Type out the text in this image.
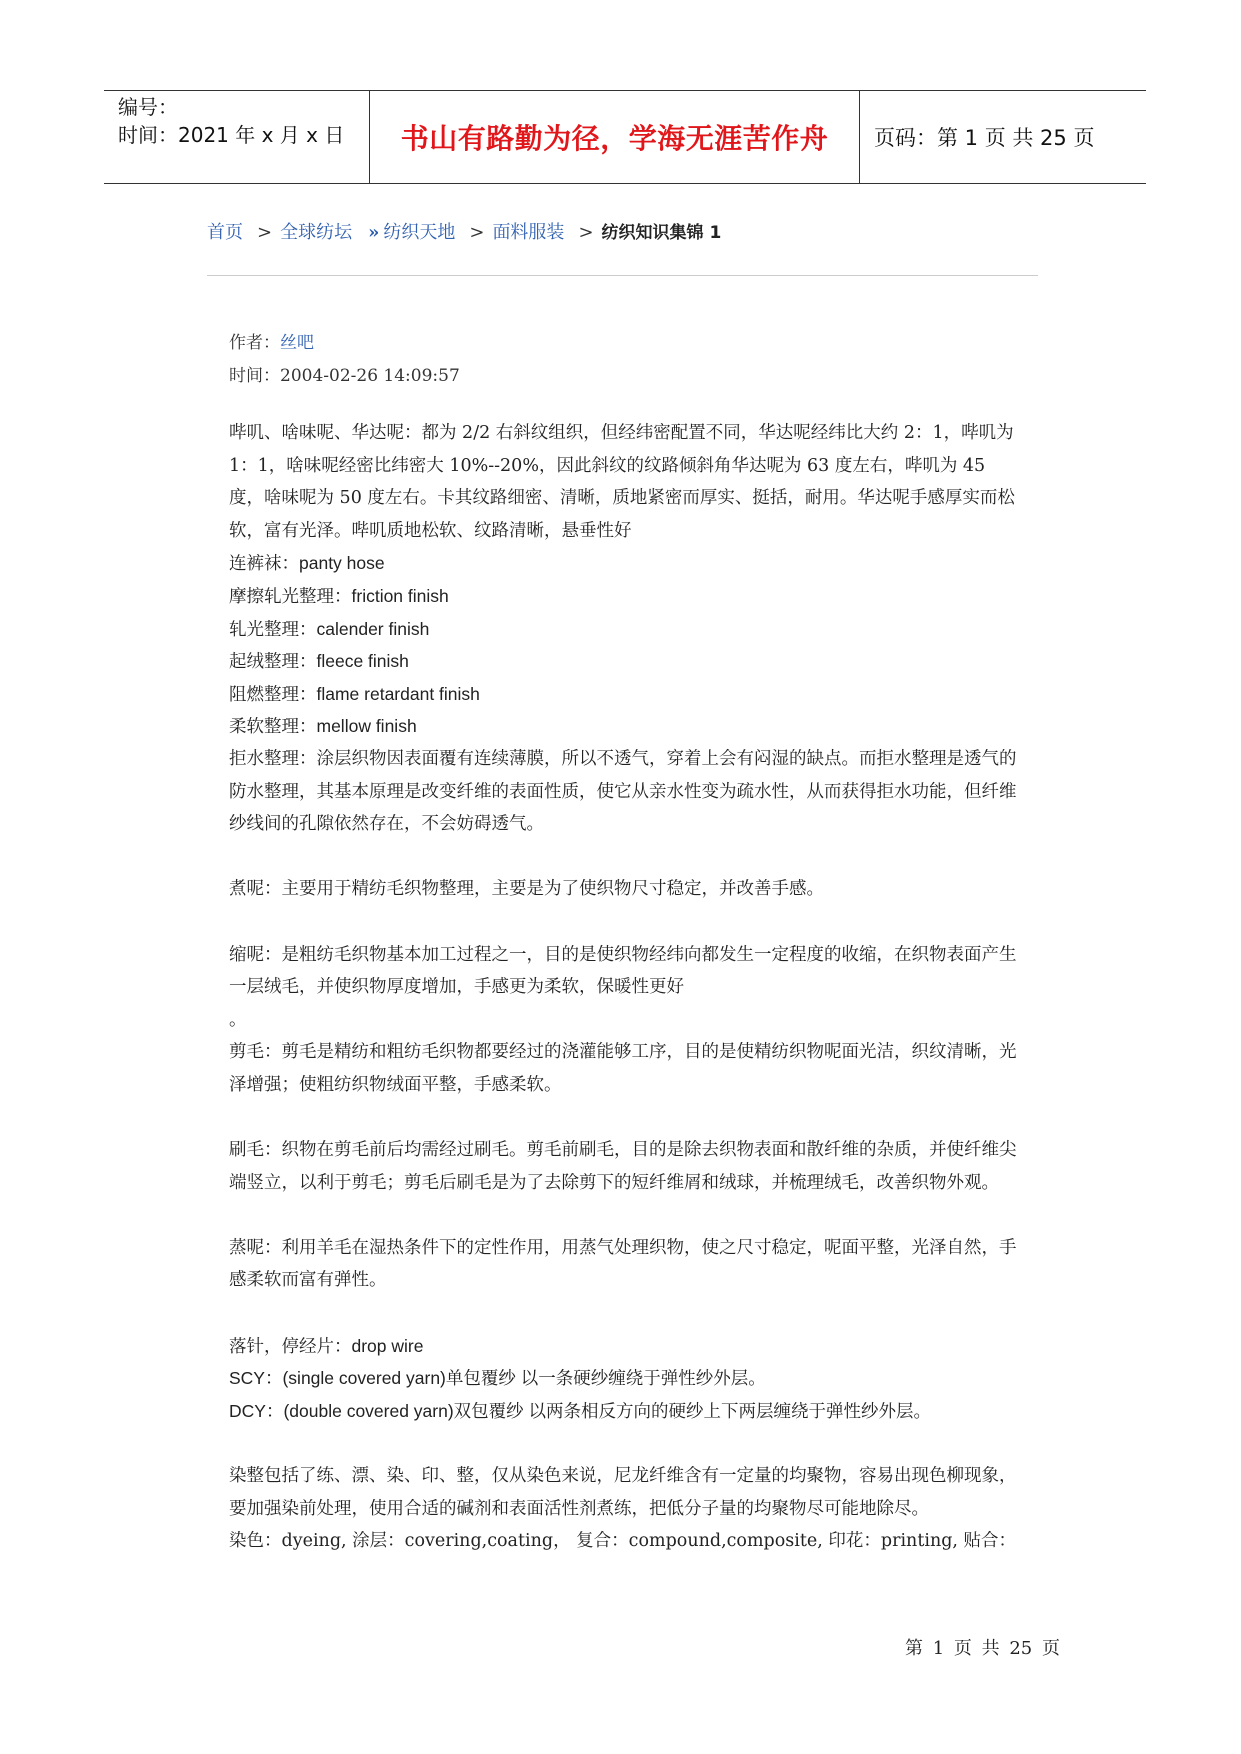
编号：
时间：2021 年 x 月 x 日	书山有路勤为径，学海无涯苦作舟	页码：第 1 页 共 25 页
首页 > 全球纺坛 » 纺织天地 > 面料服装 > 纺织知识集锦 1
作者：丝吧
时间：2004-02-26 14:09:57

哔叽、啥味呢、华达呢：都为 2/2 右斜纹组织，但经纬密配置不同，华达呢经纬比大约 2：1，哔叽为 1：1，啥味呢经密比纬密大 10%--20%，因此斜纹的纹路倾斜角华达呢为 63 度左右，哔叽为 45 度，啥味呢为 50 度左右。卡其纹路细密、清晰，质地紧密而厚实、挺括，耐用。华达呢手感厚实而松软，富有光泽。哔叽质地松软、纹路清晰，悬垂性好

连裤袜：panty hose

摩擦轧光整理：friction finish

轧光整理：calender finish

起绒整理：fleece finish

阻燃整理：flame retardant finish

柔软整理：mellow finish

拒水整理：涂层织物因表面覆有连续薄膜，所以不透气，穿着上会有闷湿的缺点。而拒水整理是透气的防水整理，其基本原理是改变纤维的表面性质，使它从亲水性变为疏水性，从而获得拒水功能，但纤维纱线间的孔隙依然存在，不会妨碍透气。

煮呢：主要用于精纺毛织物整理，主要是为了使织物尺寸稳定，并改善手感。

缩呢：是粗纺毛织物基本加工过程之一，目的是使织物经纬向都发生一定程度的收缩，在织物表面产生一层绒毛，并使织物厚度增加，手感更为柔软，保暖性更好

。

剪毛：剪毛是精纺和粗纺毛织物都要经过的浇灌能够工序，目的是使精纺织物呢面光洁，织纹清晰，光泽增强；使粗纺织物绒面平整，手感柔软。

刷毛：织物在剪毛前后均需经过刷毛。剪毛前刷毛，目的是除去织物表面和散纤维的杂质，并使纤维尖端竖立，以利于剪毛；剪毛后刷毛是为了去除剪下的短纤维屑和绒球，并梳理绒毛，改善织物外观。

蒸呢：利用羊毛在湿热条件下的定性作用，用蒸气处理织物，使之尺寸稳定，呢面平整，光泽自然，手感柔软而富有弹性。

落针，停经片：drop wire

SCY：(single covered yarn)单包覆纱 以一条硬纱缠绕于弹性纱外层。

DCY：(double covered yarn)双包覆纱 以两条相反方向的硬纱上下两层缠绕于弹性纱外层。

染整包括了练、漂、染、印、整，仅从染色来说，尼龙纤维含有一定量的均聚物，容易出现色柳现象，要加强染前处理，使用合适的碱剂和表面活性剂煮练，把低分子量的均聚物尽可能地除尽。

染色：dyeing, 涂层：covering,coating， 复合：compound,composite, 印花：printing, 贴合：

第 1 页 共 25 页
